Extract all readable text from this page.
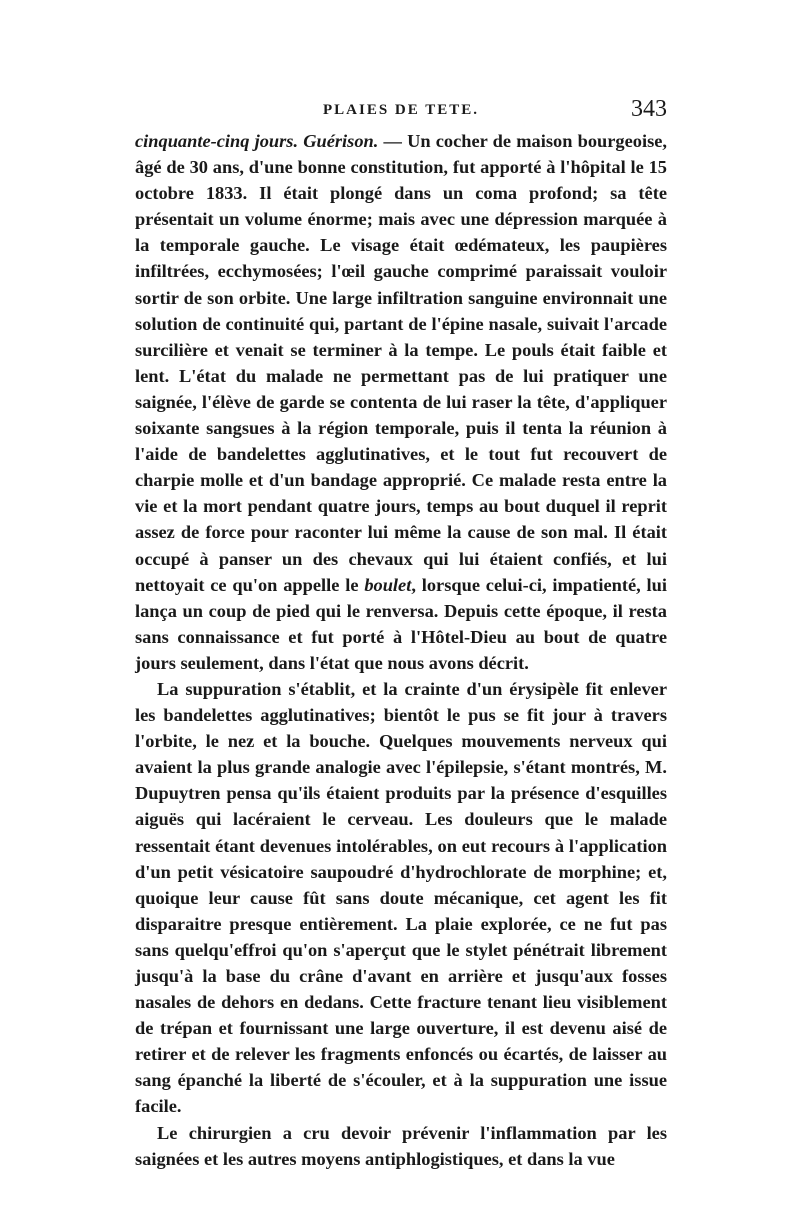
PLAIES DE TETE.	343

cinquante-cinq jours. Guérison. — Un cocher de maison bourgeoise, âgé de 30 ans, d'une bonne constitution, fut apporté à l'hôpital le 15 octobre 1833. Il était plongé dans un coma profond; sa tête présentait un volume énorme; mais avec une dépression marquée à la temporale gauche. Le visage était œdémateux, les paupières infiltrées, ecchymosées; l'œil gauche comprimé paraissait vouloir sortir de son orbite. Une large infiltration sanguine environnait une solution de continuité qui, partant de l'épine nasale, suivait l'arcade surcilière et venait se terminer à la tempe. Le pouls était faible et lent. L'état du malade ne permettant pas de lui pratiquer une saignée, l'élève de garde se contenta de lui raser la tête, d'appliquer soixante sangsues à la région temporale, puis il tenta la réunion à l'aide de bandelettes agglutinatives, et le tout fut recouvert de charpie molle et d'un bandage approprié. Ce malade resta entre la vie et la mort pendant quatre jours, temps au bout duquel il reprit assez de force pour raconter lui même la cause de son mal. Il était occupé à panser un des chevaux qui lui étaient confiés, et lui nettoyait ce qu'on appelle le boulet, lorsque celui-ci, impatienté, lui lança un coup de pied qui le renversa. Depuis cette époque, il resta sans connaissance et fut porté à l'Hôtel-Dieu au bout de quatre jours seulement, dans l'état que nous avons décrit.

La suppuration s'établit, et la crainte d'un érysipèle fit enlever les bandelettes agglutinatives; bientôt le pus se fit jour à travers l'orbite, le nez et la bouche. Quelques mouvements nerveux qui avaient la plus grande analogie avec l'épilepsie, s'étant montrés, M. Dupuytren pensa qu'ils étaient produits par la présence d'esquilles aiguës qui lacéraient le cerveau. Les douleurs que le malade ressentait étant devenues intolérables, on eut recours à l'application d'un petit vésicatoire saupoudré d'hydrochlorate de morphine; et, quoique leur cause fût sans doute mécanique, cet agent les fit disparaitre presque entièrement. La plaie explorée, ce ne fut pas sans quelqu'effroi qu'on s'aperçut que le stylet pénétrait librement jusqu'à la base du crâne d'avant en arrière et jusqu'aux fosses nasales de dehors en dedans. Cette fracture tenant lieu visiblement de trépan et fournissant une large ouverture, il est devenu aisé de retirer et de relever les fragments enfoncés ou écartés, de laisser au sang épanché la liberté de s'écouler, et à la suppuration une issue facile.

Le chirurgien a cru devoir prévenir l'inflammation par les saignées et les autres moyens antiphlogistiques, et dans la vue
